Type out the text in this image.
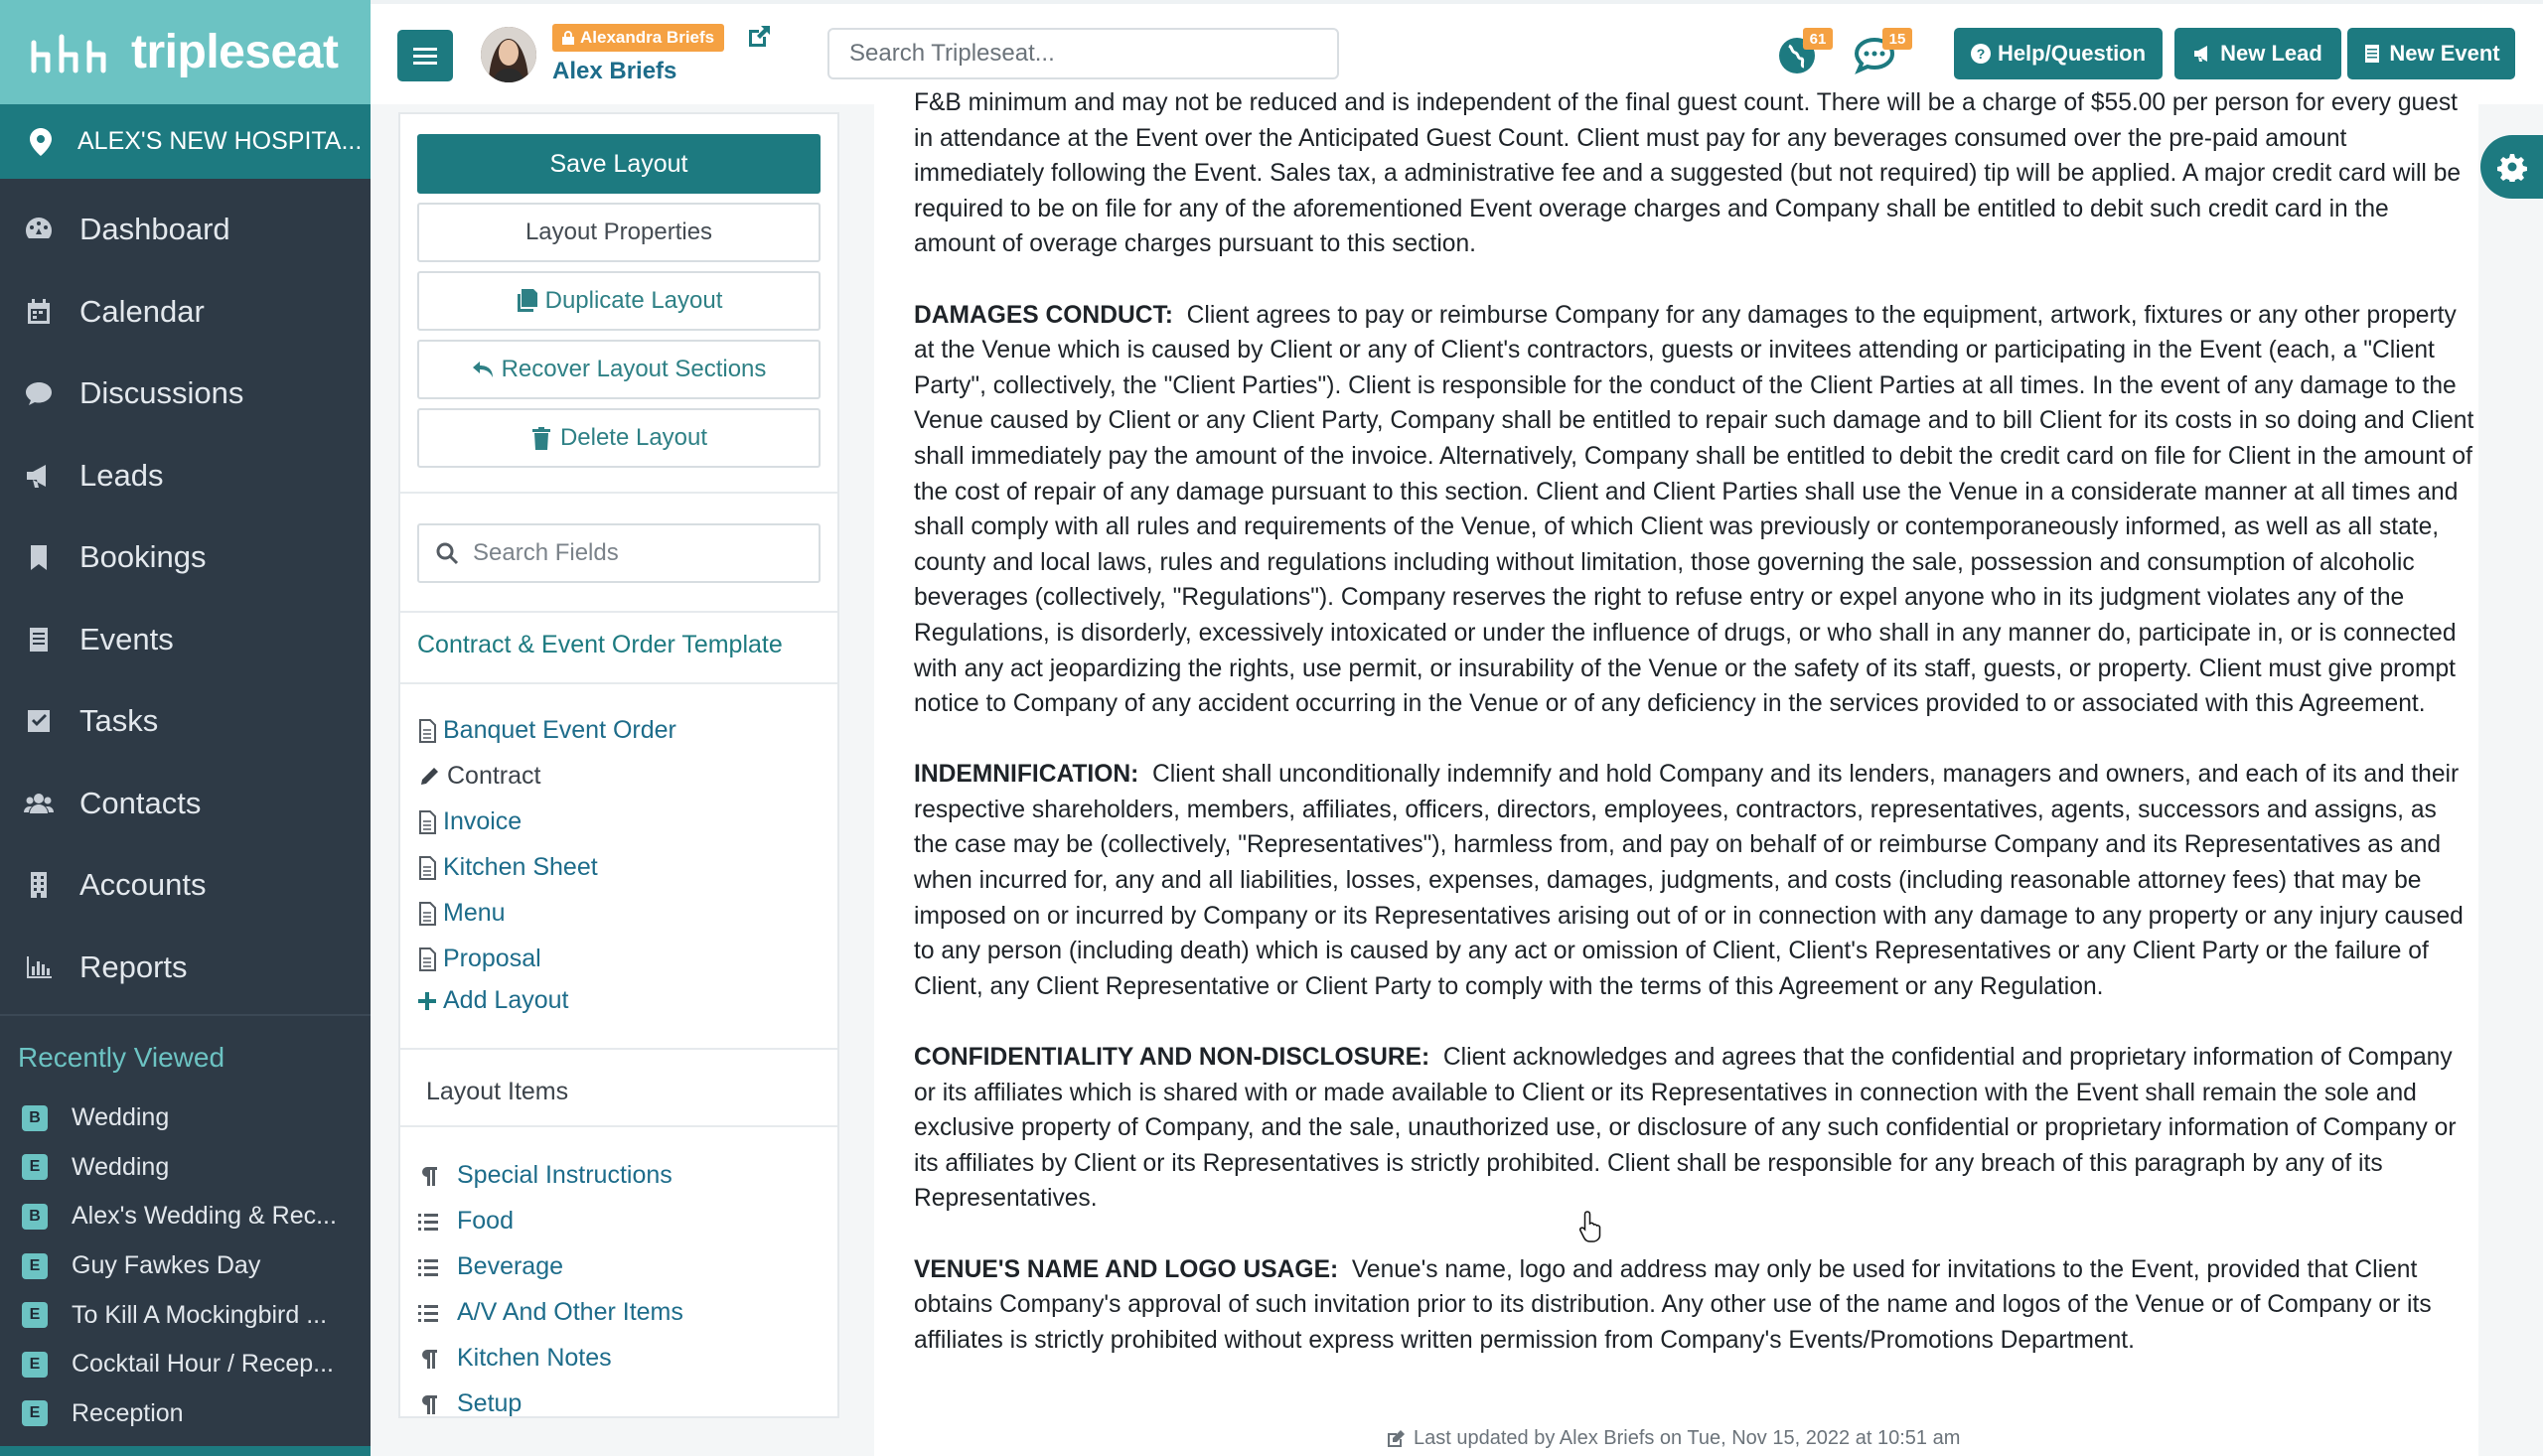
tripleseat
ALEX'S NEW HOSPITA...
Dashboard
Calendar
Discussions
Leads
Bookings
Events
Tasks
Contacts
Accounts
Reports
Recently Viewed
B Wedding
E	Wedding
B Alex's Wedding & Rec...
E	Guy Fawkes Day
E	To Kill A Mockingbird ...
E	Cocktail Hour / Recep...
E	Reception
Alexandra Briefs
Alex Briefs
Search Tripleseat...
61	15
? Help/Question	New Lead	New Event
Save Layout
Layout Properties
Duplicate Layout
Recover Layout Sections
Delete Layout
Search Fields
Contract & Event Order Template
Banquet Event Order
Contract
Invoice
Kitchen Sheet
Menu
Proposal
Add Layout
Layout Items
Special Instructions
Food
Beverage
A/V And Other Items
Kitchen Notes
Setup

F&B minimum and may not be reduced and is independent of the final guest count. There will be a charge of $55.00 per person for every guest in attendance at the Event over the Anticipated Guest Count. Client must pay for any beverages consumed over the pre-paid amount immediately following the Event. Sales tax, a administrative fee and a suggested (but not required) tip will be applied. A major credit card will be required to be on file for any of the aforementioned Event overage charges and Company shall be entitled to debit such credit card in the amount of overage charges pursuant to this section.

DAMAGES CONDUCT: Client agrees to pay or reimburse Company for any damages to the equipment, artwork, fixtures or any other property at the Venue which is caused by Client or any of Client's contractors, guests or invitees attending or participating in the Event (each, a "Client Party", collectively, the "Client Parties"). Client is responsible for the conduct of the Client Parties at all times. In the event of any damage to the Venue caused by Client or any Client Party, Company shall be entitled to repair such damage and to bill Client for its costs in so doing and Client shall immediately pay the amount of the invoice. Alternatively, Company shall be entitled to debit the credit card on file for Client in the amount of the cost of repair of any damage pursuant to this section. Client and Client Parties shall use the Venue in a considerate manner at all times and shall comply with all rules and requirements of the Venue, of which Client was previously or contemporaneously informed, as well as all state, county and local laws, rules and regulations including without limitation, those governing the sale, possession and consumption of alcoholic beverages (collectively, "Regulations"). Company reserves the right to refuse entry or expel anyone who in its judgment violates any of the Regulations, is disorderly, excessively intoxicated or under the influence of drugs, or who shall in any manner do, participate in, or is connected with any act jeopardizing the rights, use permit, or insurability of the Venue or the safety of its staff, guests, or property. Client must give prompt notice to Company of any accident occurring in the Venue or of any deficiency in the services provided to or associated with this Agreement.

INDEMNIFICATION: Client shall unconditionally indemnify and hold Company and its lenders, managers and owners, and each of its and their respective shareholders, members, affiliates, officers, directors, employees, contractors, representatives, agents, successors and assigns, as the case may be (collectively, "Representatives"), harmless from, and pay on behalf of or reimburse Company and its Representatives as and when incurred for, any and all liabilities, losses, expenses, damages, judgments, and costs (including reasonable attorney fees) that may be imposed on or incurred by Company or its Representatives arising out of or in connection with any damage to any property or any injury caused to any person (including death) which is caused by any act or omission of Client, Client's Representatives or any Client Party or the failure of Client, any Client Representative or Client Party to comply with the terms of this Agreement or any Regulation.

CONFIDENTIALITY AND NON-DISCLOSURE: Client acknowledges and agrees that the confidential and proprietary information of Company or its affiliates which is shared with or made available to Client or its Representatives in connection with the Event shall remain the sole and exclusive property of Company, and the sale, unauthorized use, or disclosure of any such confidential or proprietary information of Company or its affiliates by Client or its Representatives is strictly prohibited. Client shall be responsible for any breach of this paragraph by any of its Representatives.

VENUE'S NAME AND LOGO USAGE: Venue's name, logo and address may only be used for invitations to the Event, provided that Client obtains Company's approval of such invitation prior to its distribution. Any other use of the name and logos of the Venue or of Company or its affiliates is strictly prohibited without express written permission from Company's Events/Promotions Department.

Last updated by Alex Briefs on Tue, Nov 15, 2022 at 10:51 am
